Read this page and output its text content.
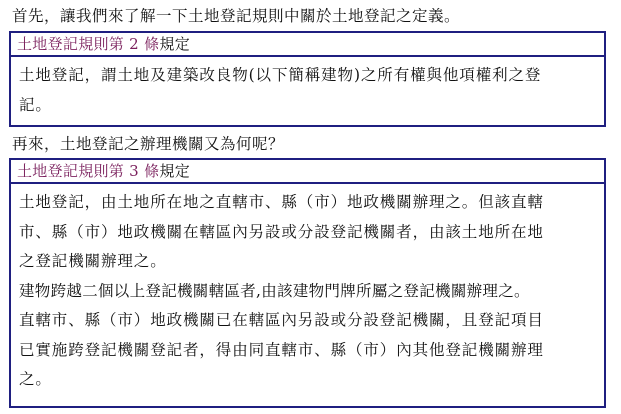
首先，讓我們來了解一下土地登記規則中關於土地登記之定義。
土地登記規則第 2 條規定
土地登記，謂土地及建築改良物(以下簡稱建物)之所有權與他項權利之登
記。
再來，土地登記之辦理機關又為何呢？
土地登記規則第 3 條規定
土地登記，由土地所在地之直轄市、縣（市）地政機關辦理之。但該直轄
市、縣（市）地政機關在轄區內另設或分設登記機關者，由該土地所在地
之登記機關辦理之。
建物跨越二個以上登記機關轄區者,由該建物門牌所屬之登記機關辦理之。
直轄市、縣（市）地政機關已在轄區內另設或分設登記機關，且登記項目
已實施跨登記機關登記者，得由同直轄市、縣（市）內其他登記機關辦理
之。
